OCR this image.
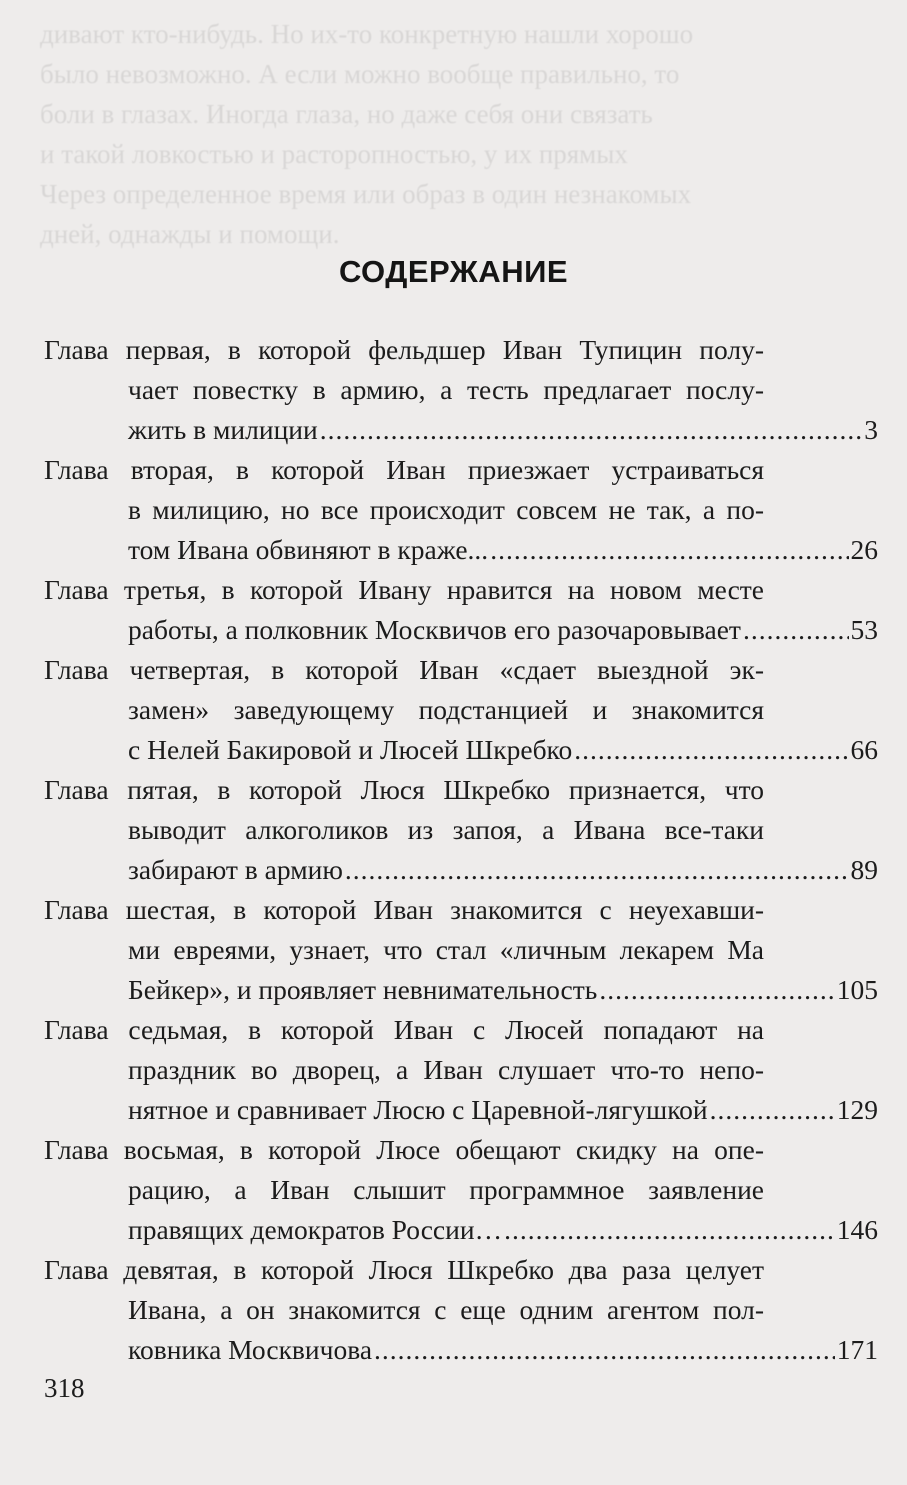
дивают кто-нибудь. Но их-то конкретную нашли хорошо
было невозможно. А если можно вообще правильно, то
боли в глазах. Иногда глаза, но даже себя они связать
и такой ловкостью и расторопностью, у их прямых
Через определенное время или образ в один незнакомых
дней, однажды и помощи.
СОДЕРЖАНИЕ
Глава первая, в которой фельдшер Иван Тупицин полу-
чает повестку в армию, а тесть предлагает послу-
жить в милиции .....	3
Глава вторая, в которой Иван приезжает устраиваться
в милицию, но все происходит совсем не так, а по-
том Ивана обвиняют в краже... .....	26
Глава третья, в которой Ивану нравится на новом месте
работы, а полковник Москвичов его разочаровывает .....	53
Глава четвертая, в которой Иван «сдает выездной эк-
замен» заведующему подстанцией и знакомится
с Нелей Бакировой и Люсей Шкребко .....	66
Глава пятая, в которой Люся Шкребко признается, что
выводит алкоголиков из запоя, а Ивана все-таки
забирают в армию .....	89
Глава шестая, в которой Иван знакомится с неуехавши-
ми евреями, узнает, что стал «личным лекарем Ма
Бейкер», и проявляет невнимательность .....	105
Глава седьмая, в которой Иван с Люсей попадают на
праздник во дворец, а Иван слушает что-то непо-
нятное и сравнивает Люсю с Царевной-лягушкой .....	129
Глава восьмая, в которой Люсе обещают скидку на опе-
рацию, а Иван слышит программное заявление
правящих демократов России… .....	146
Глава девятая, в которой Люся Шкребко два раза целует
Ивана, а он знакомится с еще одним агентом пол-
ковника Москвичова .....	171
318
